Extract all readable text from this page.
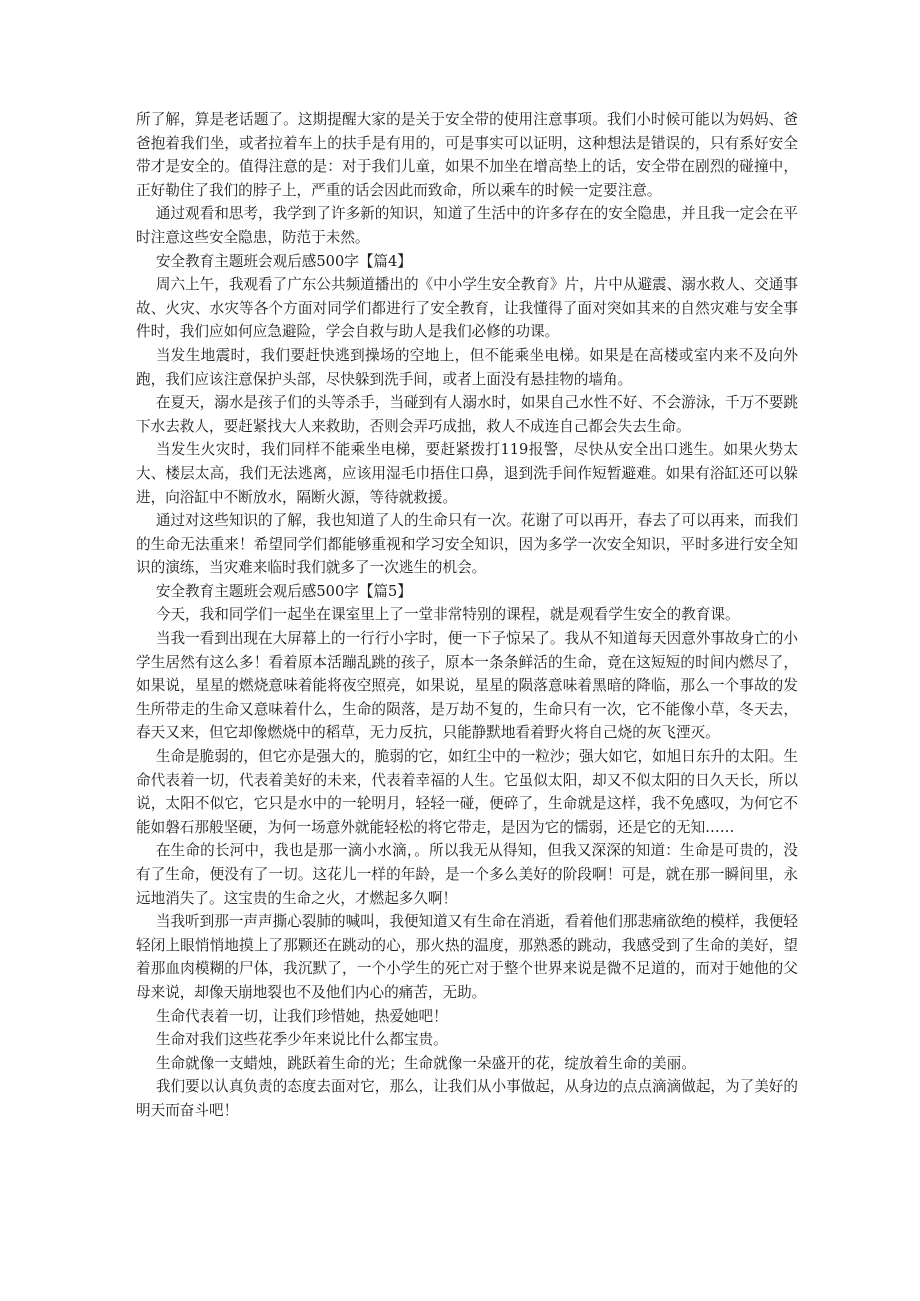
所了解，算是老话题了。这期提醒大家的是关于安全带的使用注意事项。我们小时候可能以为妈妈、爸爸抱着我们坐，或者拉着车上的扶手是有用的，可是事实可以证明，这种想法是错误的，只有系好安全带才是安全的。值得注意的是：对于我们儿童，如果不加坐在增高垫上的话，安全带在剧烈的碰撞中，正好勒住了我们的脖子上，严重的话会因此而致命，所以乘车的时候一定要注意。

通过观看和思考，我学到了许多新的知识，知道了生活中的许多存在的安全隐患，并且我一定会在平时注意这些安全隐患，防范于未然。

安全教育主题班会观后感500字【篇4】

周六上午，我观看了广东公共频道播出的《中小学生安全教育》片，片中从避震、溺水救人、交通事故、火灾、水灾等各个方面对同学们都进行了安全教育，让我懂得了面对突如其来的自然灾难与安全事件时，我们应如何应急避险，学会自救与助人是我们必修的功课。

当发生地震时，我们要赶快逃到操场的空地上，但不能乘坐电梯。如果是在高楼或室内来不及向外跑，我们应该注意保护头部，尽快躲到洗手间，或者上面没有悬挂物的墙角。

在夏天，溺水是孩子们的头等杀手，当碰到有人溺水时，如果自己水性不好、不会游泳，千万不要跳下水去救人，要赶紧找大人来救助，否则会弄巧成拙，救人不成连自己都会失去生命。

当发生火灾时，我们同样不能乘坐电梯，要赶紧拨打119报警，尽快从安全出口逃生。如果火势太大、楼层太高，我们无法逃离，应该用湿毛巾捂住口鼻，退到洗手间作短暂避难。如果有浴缸还可以躲进，向浴缸中不断放水，隔断火源，等待就救援。

通过对这些知识的了解，我也知道了人的生命只有一次。花谢了可以再开，春去了可以再来，而我们的生命无法重来！希望同学们都能够重视和学习安全知识，因为多学一次安全知识，平时多进行安全知识的演练，当灾难来临时我们就多了一次逃生的机会。

安全教育主题班会观后感500字【篇5】

今天，我和同学们一起坐在课室里上了一堂非常特别的课程，就是观看学生安全的教育课。

当我一看到出现在大屏幕上的一行行小字时，便一下子惊呆了。我从不知道每天因意外事故身亡的小学生居然有这么多！看着原本活蹦乱跳的孩子，原本一条条鲜活的生命，竟在这短短的时间内燃尽了，如果说，星星的燃烧意味着能将夜空照亮，如果说，星星的陨落意味着黑暗的降临，那么一个事故的发生所带走的生命又意味着什么，生命的陨落，是万劫不复的，生命只有一次，它不能像小草，冬天去，春天又来，但它却像燃烧中的稻草，无力反抗，只能静默地看着野火将自己烧的灰飞湮灭。

生命是脆弱的，但它亦是强大的，脆弱的它，如红尘中的一粒沙；强大如它，如旭日东升的太阳。生命代表着一切，代表着美好的未来，代表着幸福的人生。它虽似太阳，却又不似太阳的日久天长，所以说，太阳不似它，它只是水中的一轮明月，轻轻一碰，便碎了，生命就是这样，我不免感叹，为何它不能如磐石那般坚硬，为何一场意外就能轻松的将它带走，是因为它的懦弱，还是它的无知……

在生命的长河中，我也是那一滴小水滴，。所以我无从得知，但我又深深的知道：生命是可贵的，没有了生命，便没有了一切。这花儿一样的年龄，是一个多么美好的阶段啊！可是，就在那一瞬间里，永远地消失了。这宝贵的生命之火，才燃起多久啊！

当我听到那一声声撕心裂肺的喊叫，我便知道又有生命在消逝，看着他们那悲痛欲绝的模样，我便轻轻闭上眼悄悄地摸上了那颗还在跳动的心，那火热的温度，那熟悉的跳动，我感受到了生命的美好，望着那血肉模糊的尸体，我沉默了，一个小学生的死亡对于整个世界来说是微不足道的，而对于她他的父母来说，却像天崩地裂也不及他们内心的痛苦，无助。

生命代表着一切，让我们珍惜她，热爱她吧！

生命对我们这些花季少年来说比什么都宝贵。

生命就像一支蜡烛，跳跃着生命的光；生命就像一朵盛开的花，绽放着生命的美丽。

我们要以认真负责的态度去面对它，那么，让我们从小事做起，从身边的点点滴滴做起，为了美好的明天而奋斗吧！
